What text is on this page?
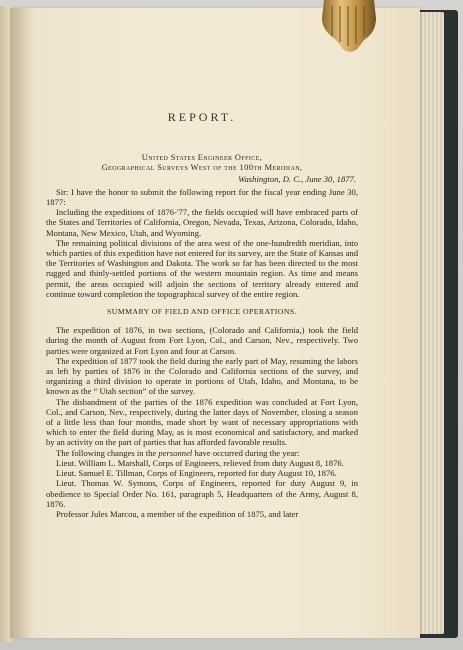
REPORT.

United States Engineer Office,

Geographical Surveys West of the 100th Meridian,

Washington, D. C., June 30, 1877.

Sir: I have the honor to submit the following report for the fiscal year ending June 30, 1877:

Including the expeditions of 1876-'77, the fields occupied will have embraced parts of the States and Territories of California, Oregon, Nevada, Texas, Arizona, Colorado, Idaho, Montana, New Mexico, Utah, and Wyoming.

The remaining political divisions of the area west of the one-hundredth meridian, into which parties of this expedition have not entered for its survey, are the State of Kansas and the Territories of Washington and Dakota. The work so far has been directed to the most rugged and thinly-settled portions of the western mountain region. As time and means permit, the areas occupied will adjoin the sections of territory already entered and continue toward completion the topographical survey of the entire region.

SUMMARY OF FIELD AND OFFICE OPERATIONS.

The expedition of 1876, in two sections, (Colorado and California,) took the field during the month of August from Fort Lyon, Col., and Carson, Nev., respectively. Two parties were organized at Fort Lyon and four at Carson.

The expedition of 1877 took the field during the early part of May, resuming the labors as left by parties of 1876 in the Colorado and California sections of the survey, and organizing a third division to operate in portions of Utah, Idaho, and Montana, to be known as the “ Utah section” of the survey.

The disbandment of the parties of the 1876 expedition was concluded at Fort Lyon, Col., and Carson, Nev., respectively, during the latter days of November, closing a season of a little less than four months, made short by want of necessary appropriations with which to enter the field during May, as is most economical and satisfactory, and marked by an activity on the part of parties that has afforded favorable results.

The following changes in the personnel have occurred during the year:

Lieut. William L. Marshall, Corps of Engineers, relieved from duty August 8, 1876.

Lieut. Samuel E. Tillman, Corps of Engineers, reported for duty August 10, 1876.

Lieut. Thomas W. Symons, Corps of Engineers, reported for duty August 9, in obedience to Special Order No. 161, paragraph 5, Headquarters of the Army, August 8, 1876.

Professor Jules Marcou, a member of the expedition of 1875, and later
